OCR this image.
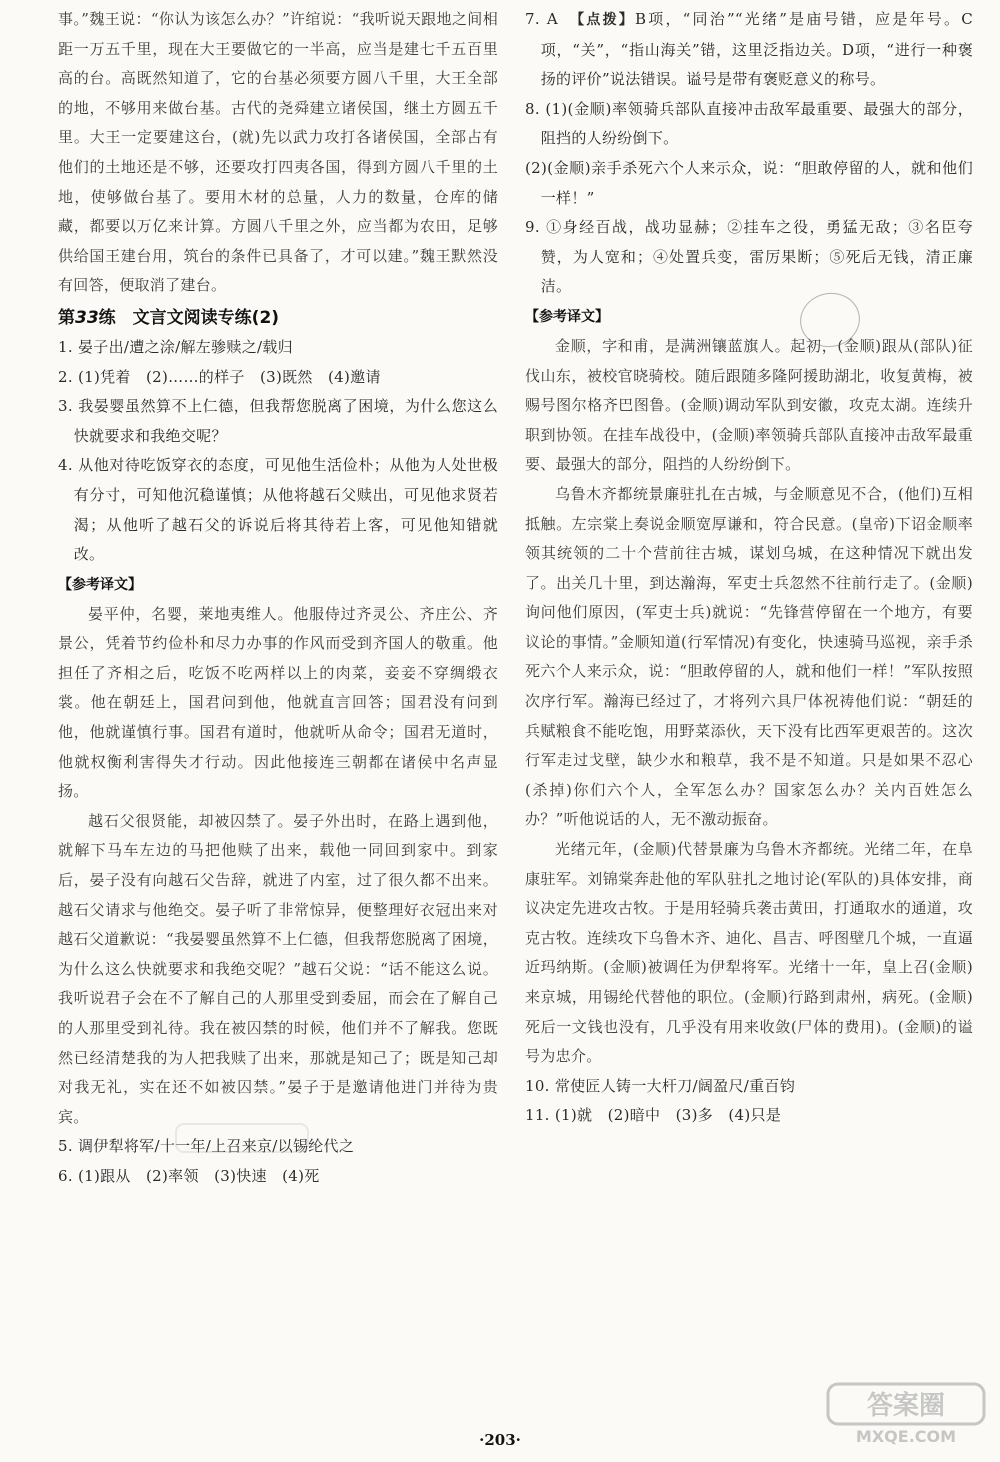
事。”魏王说：“你认为该怎么办？”许绾说：“我听说天跟地之间相距一万五千里，现在大王要做它的一半高，应当是建七千五百里高的台。高既然知道了，它的台基必须要方圆八千里，大王全部的地，不够用来做台基。古代的尧舜建立诸侯国，继土方圆五千里。大王一定要建这台，(就)先以武力攻打各诸侯国，全部占有他们的土地还是不够，还要攻打四夷各国，得到方圆八千里的土地，使够做台基了。要用木材的总量，人力的数量，仓库的储藏，都要以万亿来计算。方圆八千里之外，应当都为农田，足够供给国王建台用，筑台的条件已具备了，才可以建。”魏王默然没有回答，便取消了建台。

第33练　文言文阅读专练(2)

1. 晏子出/遭之涂/解左骖赎之/载归

2. (1)凭着　(2)……的样子　(3)既然　(4)邀请

3. 我晏婴虽然算不上仁德，但我帮您脱离了困境，为什么您这么快就要求和我绝交呢？

4. 从他对待吃饭穿衣的态度，可见他生活俭朴；从他为人处世极有分寸，可知他沉稳谨慎；从他将越石父赎出，可见他求贤若渴；从他听了越石父的诉说后将其待若上客，可见他知错就改。

【参考译文】

晏平仲，名婴，莱地夷维人。他服侍过齐灵公、齐庄公、齐景公，凭着节约俭朴和尽力办事的作风而受到齐国人的敬重。他担任了齐相之后，吃饭不吃两样以上的肉菜，妾妾不穿绸缎衣裳。他在朝廷上，国君问到他，他就直言回答；国君没有问到他，他就谨慎行事。国君有道时，他就听从命令；国君无道时，他就权衡利害得失才行动。因此他接连三朝都在诸侯中名声显扬。

越石父很贤能，却被囚禁了。晏子外出时，在路上遇到他，就解下马车左边的马把他赎了出来，载他一同回到家中。到家后，晏子没有向越石父告辞，就进了内室，过了很久都不出来。越石父请求与他绝交。晏子听了非常惊异，便整理好衣冠出来对越石父道歉说：“我晏婴虽然算不上仁德，但我帮您脱离了困境，为什么这么快就要求和我绝交呢？”越石父说：“话不能这么说。我听说君子会在不了解自己的人那里受到委屈，而会在了解自己的人那里受到礼待。我在被囚禁的时候，他们并不了解我。您既然已经清楚我的为人把我赎了出来，那就是知己了；既是知己却对我无礼，实在还不如被囚禁。”晏子于是邀请他进门并待为贵宾。

5. 调伊犁将军/十一年/上召来京/以锡纶代之

6. (1)跟从　(2)率领　(3)快速　(4)死

7. A　【点拨】B项，“同治”“光绪”是庙号错，应是年号。C项，“关”，“指山海关”错，这里泛指边关。D项，“进行一种褒扬的评价”说法错误。谥号是带有褒贬意义的称号。

8. (1)(金顺)率领骑兵部队直接冲击敌军最重要、最强大的部分，阻挡的人纷纷倒下。

(2)(金顺)亲手杀死六个人来示众，说：“胆敢停留的人，就和他们一样！”

9. ①身经百战，战功显赫；②挂车之役，勇猛无敌；③名臣夸赞，为人宽和；④处置兵变，雷厉果断；⑤死后无钱，清正廉洁。

【参考译文】

金顺，字和甫，是满洲镶蓝旗人。起初，(金顺)跟从(部队)征伐山东，被校官晓骑校。随后跟随多隆阿援助湖北，收复黄梅，被赐号图尔格齐巴图鲁。(金顺)调动军队到安徽，攻克太湖。连续升职到协领。在挂车战役中，(金顺)率领骑兵部队直接冲击敌军最重要、最强大的部分，阻挡的人纷纷倒下。

乌鲁木齐都统景廉驻扎在古城，与金顺意见不合，(他们)互相抵触。左宗棠上奏说金顺宽厚谦和，符合民意。(皇帝)下诏金顺率领其统领的二十个营前往古城，谋划乌城，在这种情况下就出发了。出关几十里，到达瀚海，军吏士兵忽然不往前行走了。(金顺)询问他们原因，(军吏士兵)就说：“先锋营停留在一个地方，有要议论的事情。”金顺知道(行军情况)有变化，快速骑马巡视，亲手杀死六个人来示众，说：“胆敢停留的人，就和他们一样！”军队按照次序行军。瀚海已经过了，才将列六具尸体祝祷他们说：“朝廷的兵赋粮食不能吃饱，用野菜添伙，天下没有比西军更艰苦的。这次行军走过戈壁，缺少水和粮草，我不是不知道。只是如果不忍心(杀掉)你们六个人，全军怎么办？国家怎么办？关内百姓怎么办？”听他说话的人，无不激动振奋。

光绪元年，(金顺)代替景廉为乌鲁木齐都统。光绪二年，在阜康驻军。刘锦棠奔赴他的军队驻扎之地讨论(军队的)具体安排，商议决定先进攻古牧。于是用轻骑兵袭击黄田，打通取水的通道，攻克古牧。连续攻下乌鲁木齐、迪化、昌吉、呼图壁几个城，一直逼近玛纳斯。(金顺)被调任为伊犁将军。光绪十一年，皇上召(金顺)来京城，用锡纶代替他的职位。(金顺)行路到肃州，病死。(金顺)死后一文钱也没有，几乎没有用来收敛(尸体的费用)。(金顺)的谥号为忠介。

10. 常使匠人铸一大杆刀/阔盈尺/重百钧

11. (1)就　(2)暗中　(3)多　(4)只是

·203·
答案圈
MXQE.COM
